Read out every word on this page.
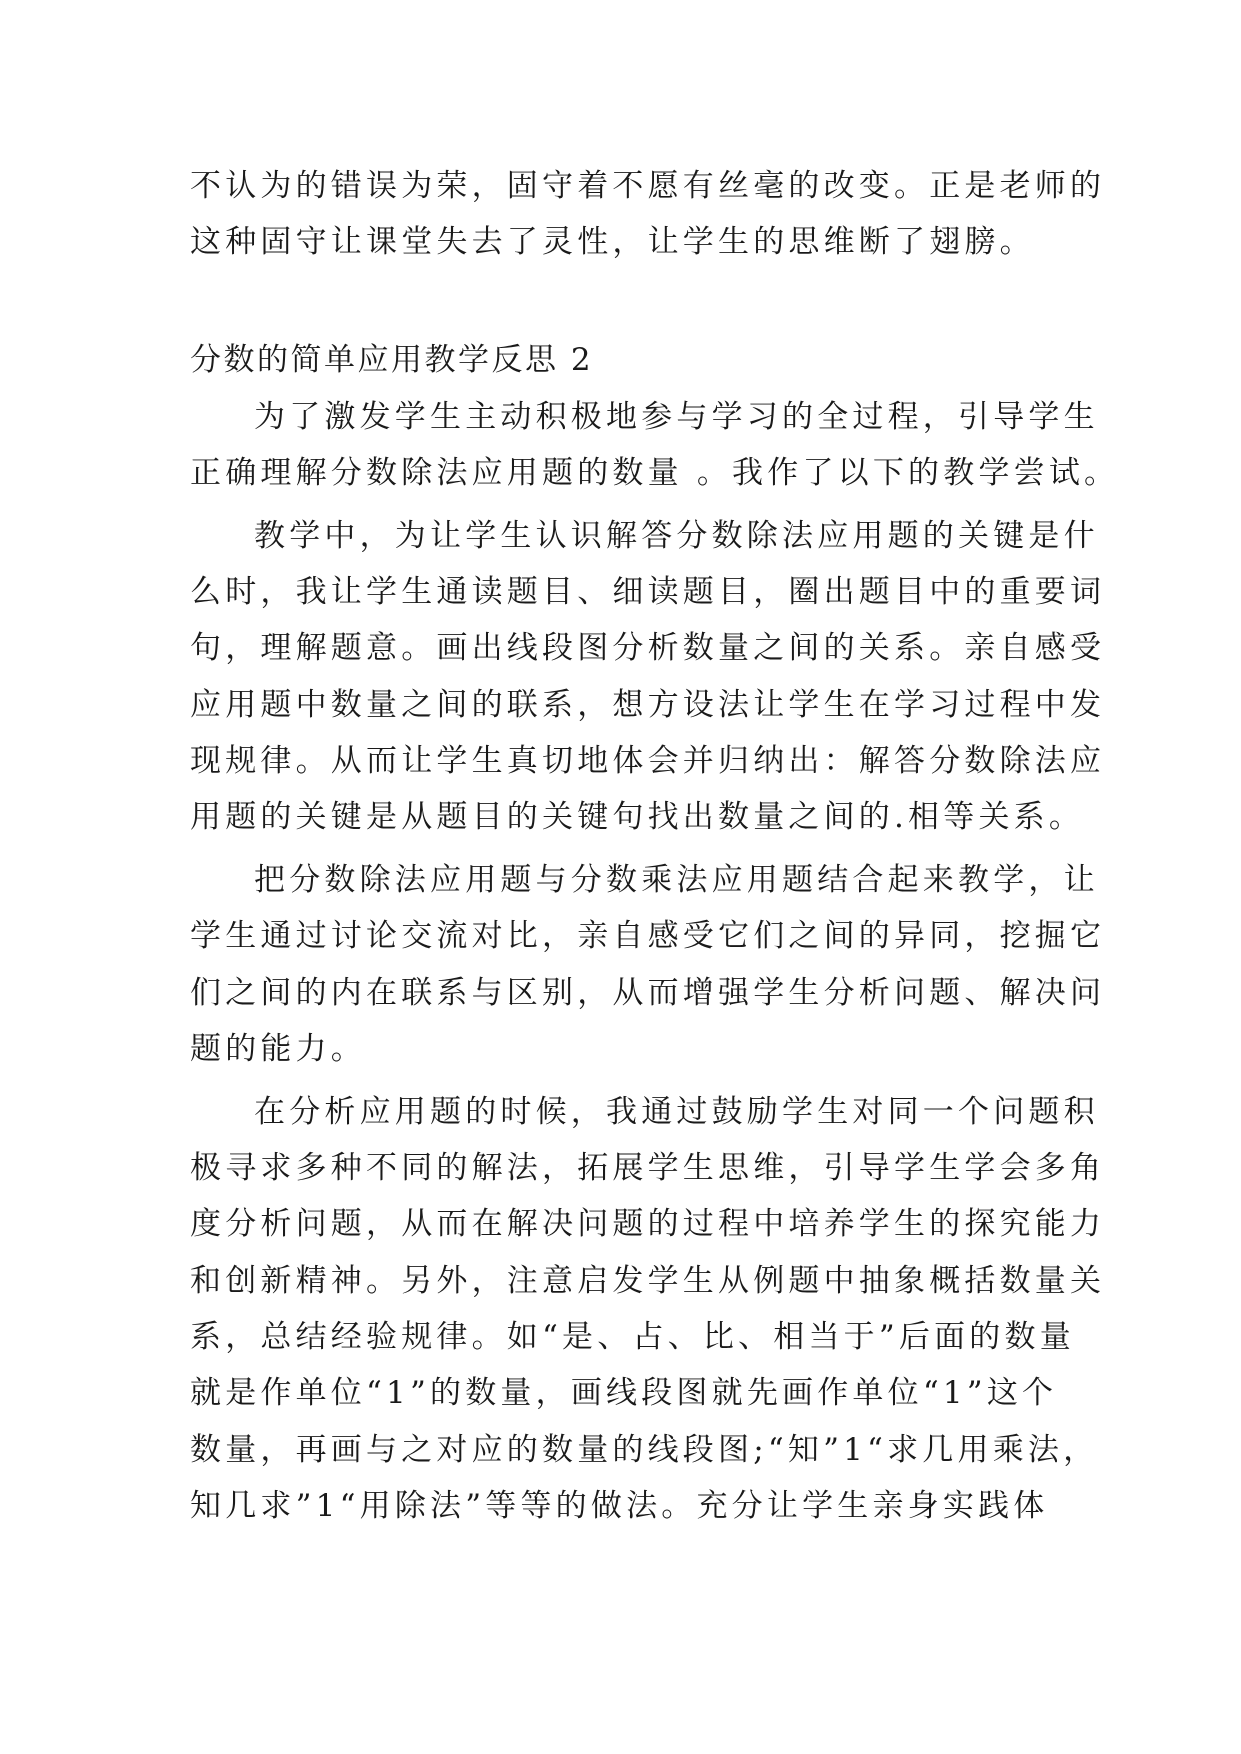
不认为的错误为荣，固守着不愿有丝毫的改变。正是老师的
这种固守让课堂失去了灵性，让学生的思维断了翅膀。
分数的简单应用教学反思 2
为了激发学生主动积极地参与学习的全过程，引导学生
正确理解分数除法应用题的数量 。我作了以下的教学尝试。
教学中，为让学生认识解答分数除法应用题的关键是什
么时，我让学生通读题目、细读题目，圈出题目中的重要词
句，理解题意。画出线段图分析数量之间的关系。亲自感受
应用题中数量之间的联系，想方设法让学生在学习过程中发
现规律。从而让学生真切地体会并归纳出：解答分数除法应
用题的关键是从题目的关键句找出数量之间的.相等关系。
把分数除法应用题与分数乘法应用题结合起来教学，让
学生通过讨论交流对比，亲自感受它们之间的异同，挖掘它
们之间的内在联系与区别，从而增强学生分析问题、解决问
题的能力。
在分析应用题的时候，我通过鼓励学生对同一个问题积
极寻求多种不同的解法，拓展学生思维，引导学生学会多角
度分析问题，从而在解决问题的过程中培养学生的探究能力
和创新精神。另外，注意启发学生从例题中抽象概括数量关
系，总结经验规律。如“是、占、比、相当于”后面的数量
就是作单位“1”的数量，画线段图就先画作单位“1”这个
数量，再画与之对应的数量的线段图;“知”1“求几用乘法，
知几求”1“用除法”等等的做法。充分让学生亲身实践体
